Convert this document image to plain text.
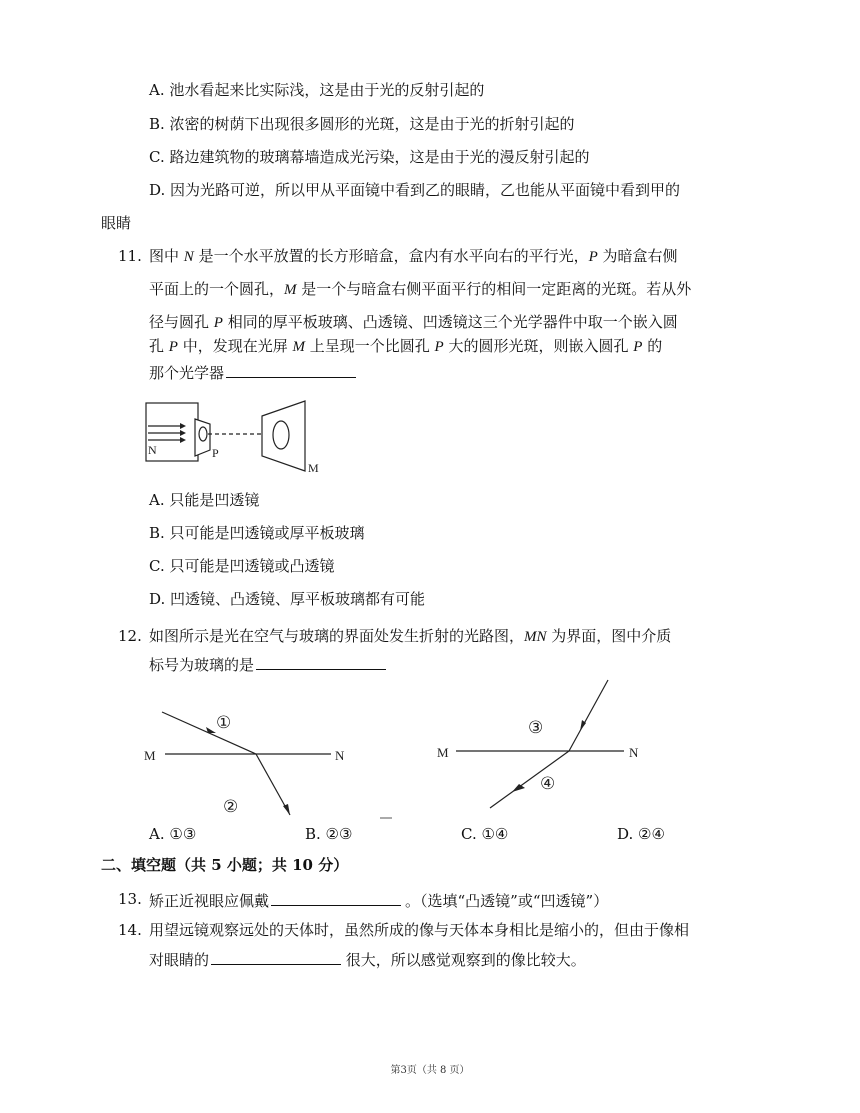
A. 池水看起来比实际浅，这是由于光的反射引起的
B. 浓密的树荫下出现很多圆形的光斑，这是由于光的折射引起的
C. 路边建筑物的玻璃幕墙造成光污染，这是由于光的漫反射引起的
D. 因为光路可逆，所以甲从平面镜中看到乙的眼睛，乙也能从平面镜中看到甲的
眼睛
11. 图中 N 是一个水平放置的长方形暗盒，盒内有水平向右的平行光，P 为暗盒右侧
平面上的一个圆孔，M 是一个与暗盒右侧平面平行的相间一定距离的光斑。若从外
径与圆孔 P 相同的厚平板玻璃、凸透镜、凹透镜这三个光学器件中取一个嵌入圆
孔 P 中，发现在光屏 M 上呈现一个比圆孔 P 大的圆形光斑，则嵌入圆孔 P 的
那个光学器
N	P
M
A. 只能是凹透镜
B. 只可能是凹透镜或厚平板玻璃
C. 只可能是凹透镜或凸透镜
D. 凹透镜、凸透镜、厚平板玻璃都有可能
12. 如图所示是光在空气与玻璃的界面处发生折射的光路图，MN 为界面，图中介质
标号为玻璃的是
M	N
①
②
M	N
③
④
A. ①③	B. ②③	C. ①④	D. ②④
二、填空题（共 5 小题；共 10 分）
13. 矫正近视眼应佩戴	。（选填“凸透镜”或“凹透镜”）
14. 用望远镜观察远处的天体时，虽然所成的像与天体本身相比是缩小的，但由于像相
对眼睛的	很大，所以感觉观察到的像比较大。
第3页（共 8 页）
